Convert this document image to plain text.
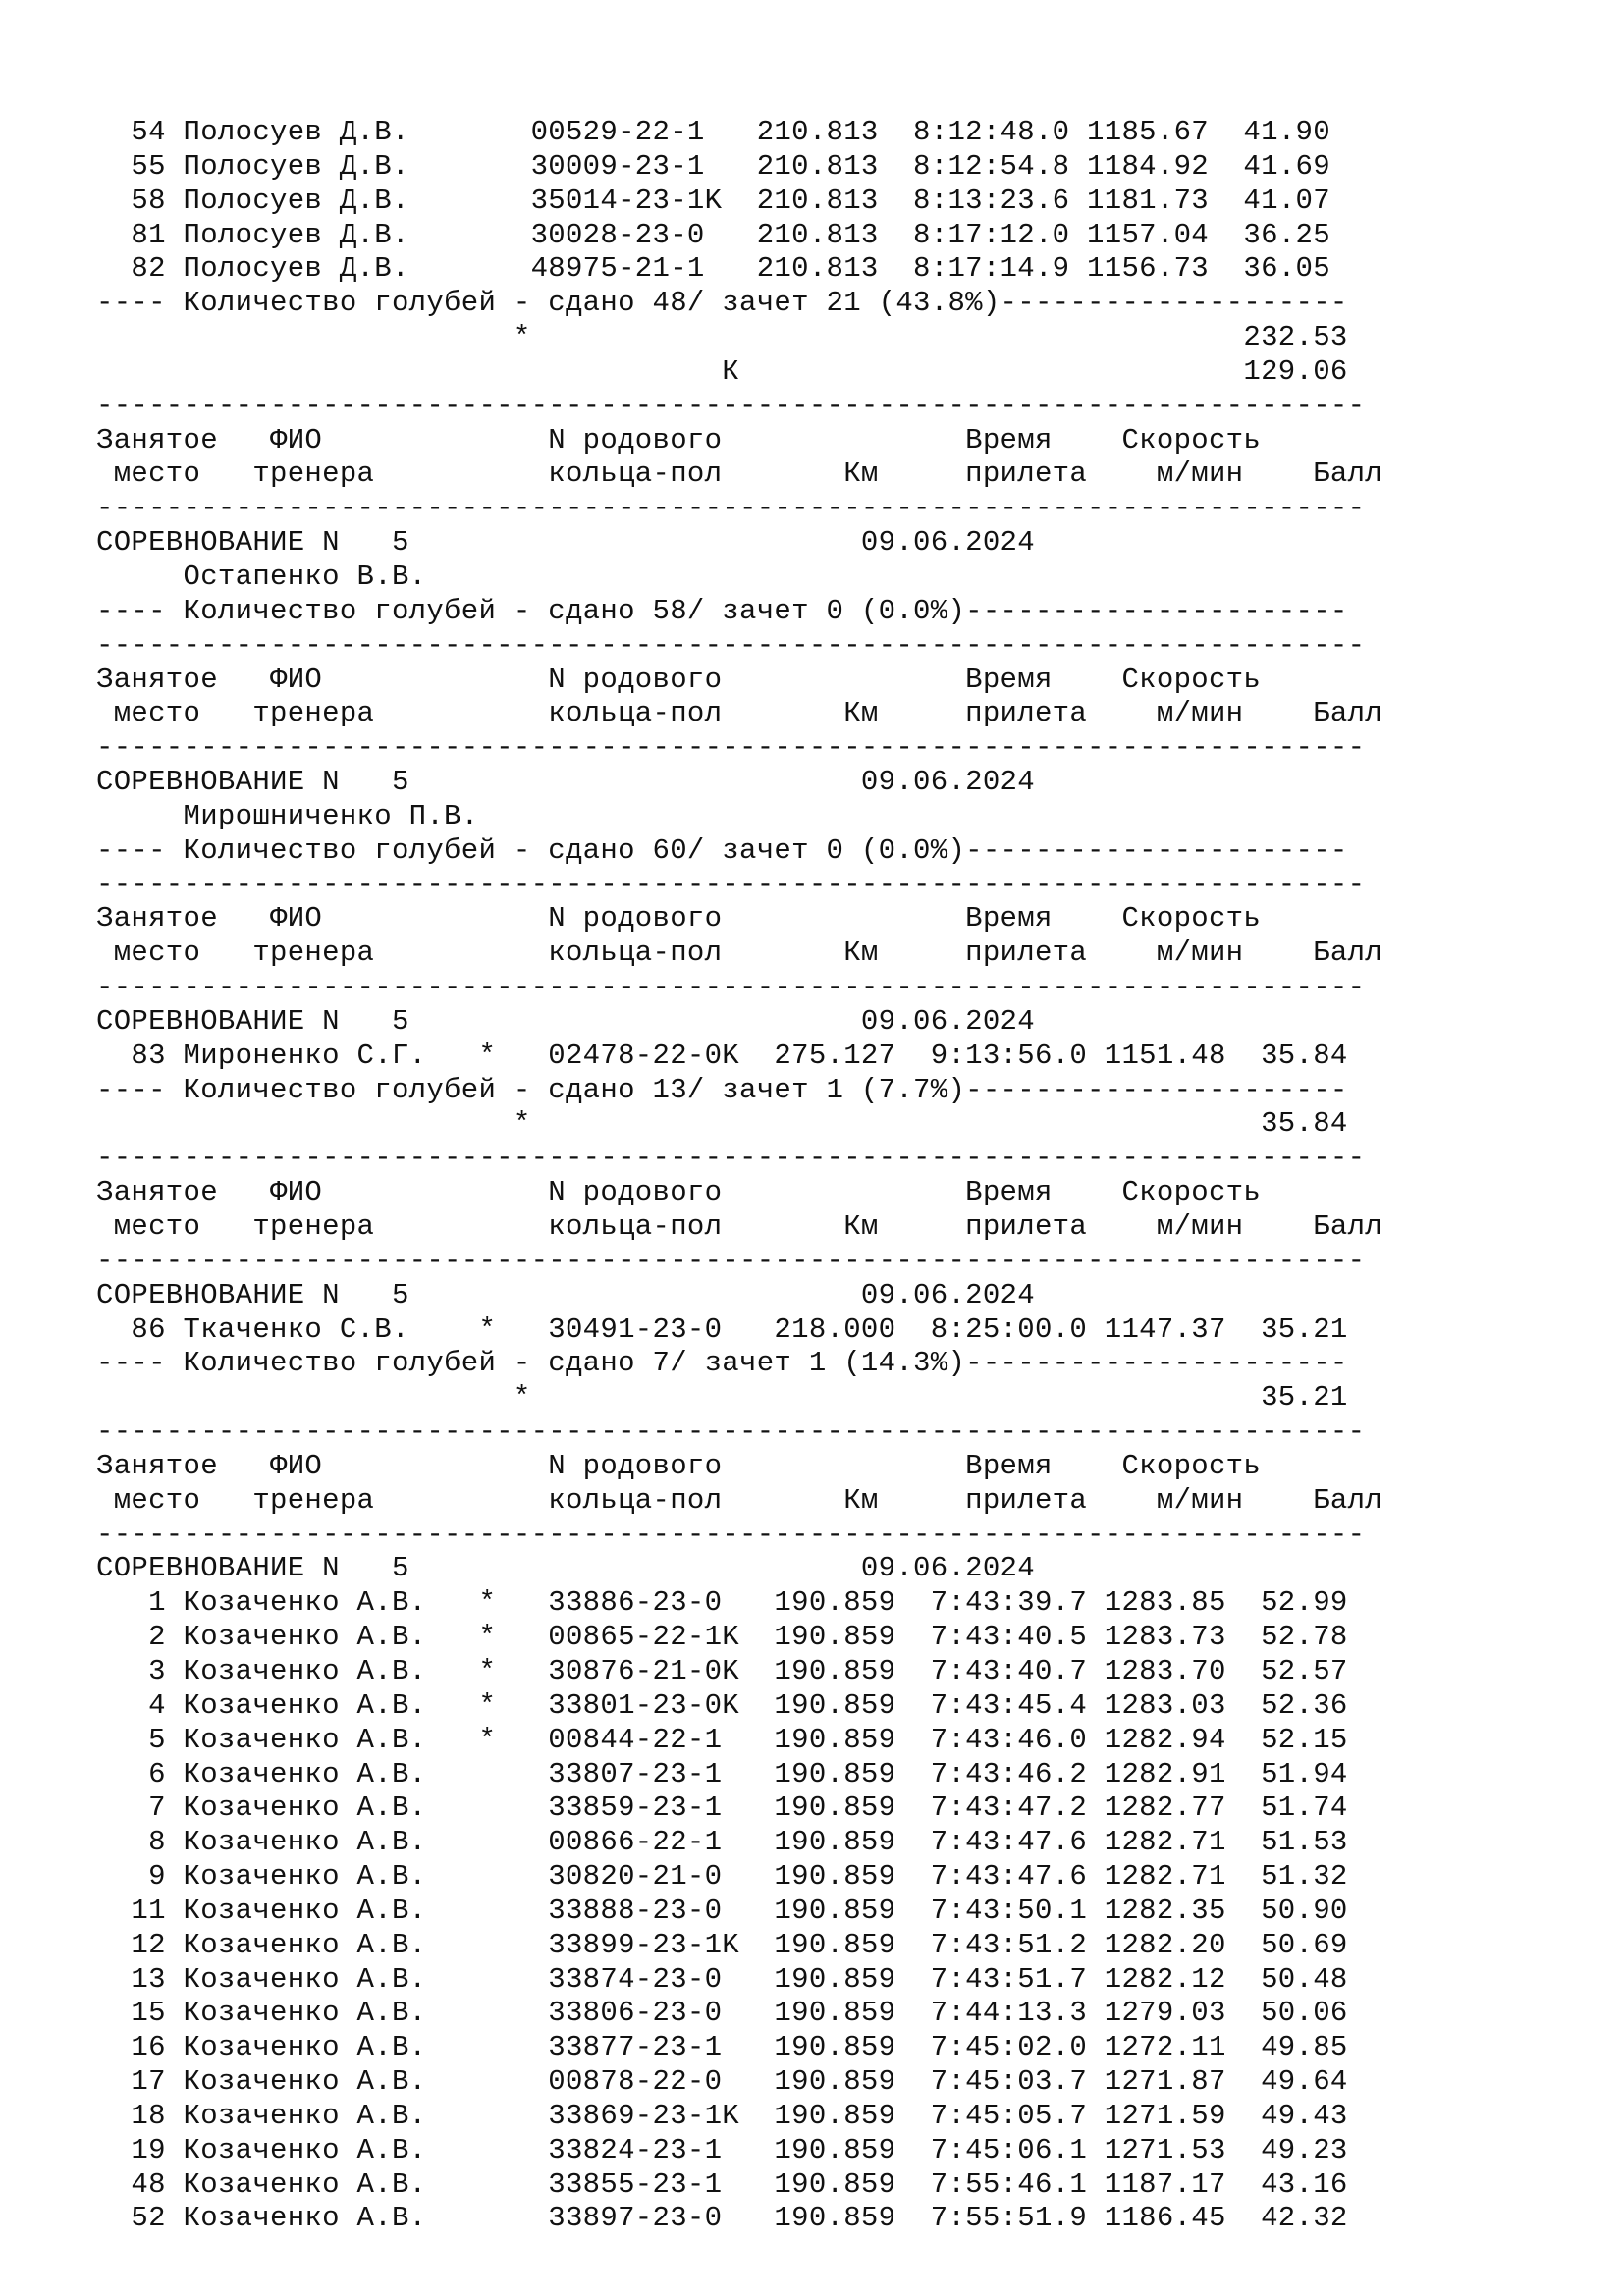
54 Полосуев Д.В.       00529-22-1   210.813  8:12:48.0 1185.67  41.90
55 Полосуев Д.В.       30009-23-1   210.813  8:12:54.8 1184.92  41.69
58 Полосуев Д.В.       35014-23-1K  210.813  8:13:23.6 1181.73  41.07
81 Полосуев Д.В.       30028-23-0   210.813  8:17:12.0 1157.04  36.25
82 Полосуев Д.В.       48975-21-1   210.813  8:17:14.9 1156.73  36.05
---- Количество голубей - сдано 48/ зачет 21 (43.8%)--------------------
*                                         232.53
К                             129.06
-------------------------------------------------------------------------
Занятое   ФИО             N родового              Время    Скорость
место   тренера          кольца-пол       Км     прилета    м/мин    Балл
-------------------------------------------------------------------------
СОРЕВНОВАНИЕ N   5                          09.06.2024
Остапенко В.В.
---- Количество голубей - сдано 58/ зачет 0 (0.0%)----------------------
-------------------------------------------------------------------------
Занятое   ФИО             N родового              Время    Скорость
место   тренера          кольца-пол       Км     прилета    м/мин    Балл
-------------------------------------------------------------------------
СОРЕВНОВАНИЕ N   5                          09.06.2024
Мирошниченко П.В.
---- Количество голубей - сдано 60/ зачет 0 (0.0%)----------------------
-------------------------------------------------------------------------
Занятое   ФИО             N родового              Время    Скорость
место   тренера          кольца-пол       Км     прилета    м/мин    Балл
-------------------------------------------------------------------------
СОРЕВНОВАНИЕ N   5                          09.06.2024
83 Мироненко С.Г.   *   02478-22-0K  275.127  9:13:56.0 1151.48  35.84
---- Количество голубей - сдано 13/ зачет 1 (7.7%)----------------------
*                                          35.84
-------------------------------------------------------------------------
Занятое   ФИО             N родового              Время    Скорость
место   тренера          кольца-пол       Км     прилета    м/мин    Балл
-------------------------------------------------------------------------
СОРЕВНОВАНИЕ N   5                          09.06.2024
86 Ткаченко С.В.    *   30491-23-0   218.000  8:25:00.0 1147.37  35.21
---- Количество голубей - сдано 7/ зачет 1 (14.3%)----------------------
*                                          35.21
-------------------------------------------------------------------------
Занятое   ФИО             N родового              Время    Скорость
место   тренера          кольца-пол       Км     прилета    м/мин    Балл
-------------------------------------------------------------------------
СОРЕВНОВАНИЕ N   5                          09.06.2024
1 Козаченко А.В.   *   33886-23-0   190.859  7:43:39.7 1283.85  52.99
2 Козаченко А.В.   *   00865-22-1K  190.859  7:43:40.5 1283.73  52.78
3 Козаченко А.В.   *   30876-21-0K  190.859  7:43:40.7 1283.70  52.57
4 Козаченко А.В.   *   33801-23-0K  190.859  7:43:45.4 1283.03  52.36
5 Козаченко А.В.   *   00844-22-1   190.859  7:43:46.0 1282.94  52.15
6 Козаченко А.В.       33807-23-1   190.859  7:43:46.2 1282.91  51.94
7 Козаченко А.В.       33859-23-1   190.859  7:43:47.2 1282.77  51.74
8 Козаченко А.В.       00866-22-1   190.859  7:43:47.6 1282.71  51.53
9 Козаченко А.В.       30820-21-0   190.859  7:43:47.6 1282.71  51.32
11 Козаченко А.В.       33888-23-0   190.859  7:43:50.1 1282.35  50.90
12 Козаченко А.В.       33899-23-1K  190.859  7:43:51.2 1282.20  50.69
13 Козаченко А.В.       33874-23-0   190.859  7:43:51.7 1282.12  50.48
15 Козаченко А.В.       33806-23-0   190.859  7:44:13.3 1279.03  50.06
16 Козаченко А.В.       33877-23-1   190.859  7:45:02.0 1272.11  49.85
17 Козаченко А.В.       00878-22-0   190.859  7:45:03.7 1271.87  49.64
18 Козаченко А.В.       33869-23-1K  190.859  7:45:05.7 1271.59  49.43
19 Козаченко А.В.       33824-23-1   190.859  7:45:06.1 1271.53  49.23
48 Козаченко А.В.       33855-23-1   190.859  7:55:46.1 1187.17  43.16
52 Козаченко А.В.       33897-23-0   190.859  7:55:51.9 1186.45  42.32
